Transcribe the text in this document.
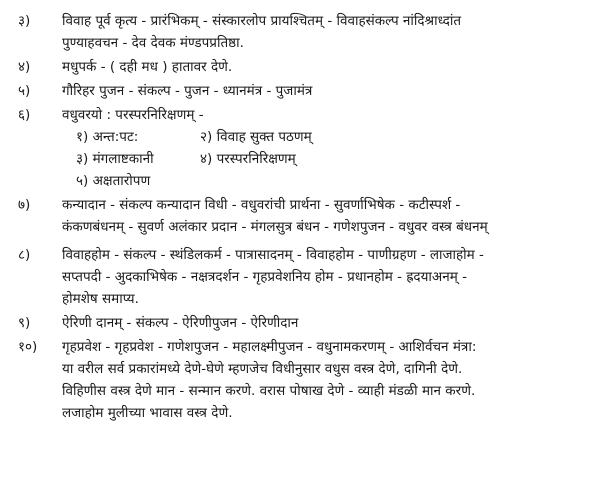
३)	विवाह पूर्व कृत्य - प्रारंभिकम् - संस्कारलोप प्रायश्चितम् - विवाहसंकल्प नांदिश्राध्दांत
पुण्याहवचन - देव देवक मंण्डपप्रतिष्ठा.
४)	मधुपर्क - ( दही मध ) हातावर देणे.
५)	गौरिहर पुजन - संकल्प - पुजन - ध्यानमंत्र - पुजामंत्र
६)	वधुवरयो : परस्परनिरिक्षणम् -
१) अन्त:पट:	२) विवाह सुक्त पठणम्
३) मंगलाष्टकानी	४) परस्परनिरिक्षणम्
५) अक्षतारोपण
७)	कन्यादान - संकल्प कन्यादान विधी - वधुवरांची प्रार्थना - सुवर्णाभिषेक - कटीस्पर्श -
कंकणबंधनम् - सुवर्ण अलंकार प्रदान - मंगलसुत्र बंधन - गणेशपुजन - वधुवर वस्त्र बंधनम्
८)	विवाहहोम - संकल्प - स्थंडिलकर्म - पात्रासादनम् - विवाहहोम - पाणीग्रहण - लाजाहोम -
सप्तपदी - अुदकाभिषेक - नक्षत्रदर्शन - गृहप्रवेशनिय होम - प्रधानहोम - ह्रदयाअनम् -
होमशेष समाप्य.
९)	ऐरिणी दानम् - संकल्प - ऐरिणीपुजन - ऐरिणीदान
१०)	गृहप्रवेश - गृहप्रवेश - गणेशपुजन - महालक्ष्मीपुजन - वधुनामकरणम् - आशिर्वचन मंत्रा:
या वरील सर्व प्रकारांमध्ये देणे-घेणे म्हणजेच विधीनुसार वधुस वस्त्र देणे, दागिनी देणे.
विहिणीस वस्त्र देणे मान - सन्मान करणे. वरास पोषाख देणे - व्याही मंडळी मान करणे.
लजाहोम मुलीच्या भावास वस्त्र देणे.
